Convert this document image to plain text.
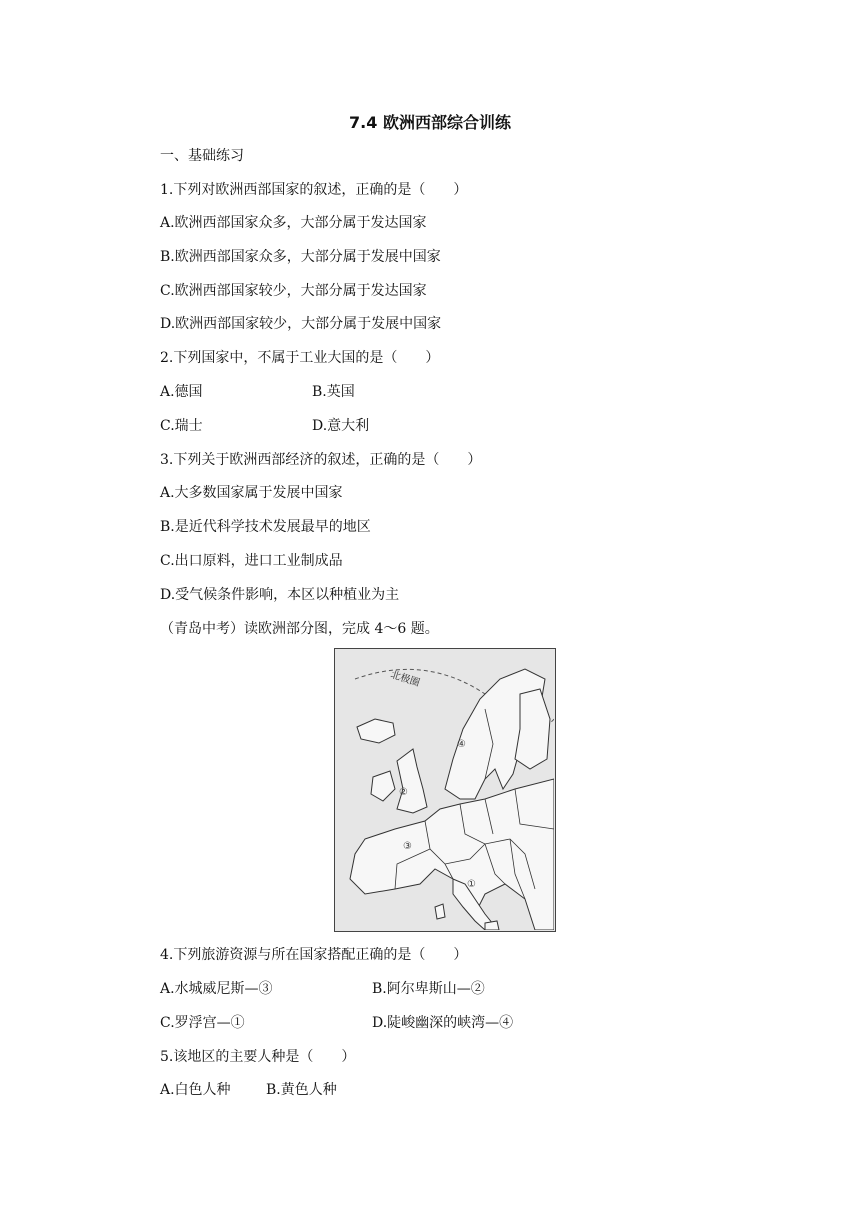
7.4 欧洲西部综合训练
一、基础练习
1.下列对欧洲西部国家的叙述，正确的是（　　）
A.欧洲西部国家众多，大部分属于发达国家
B.欧洲西部国家众多，大部分属于发展中国家
C.欧洲西部国家较少，大部分属于发达国家
D.欧洲西部国家较少，大部分属于发展中国家
2.下列国家中，不属于工业大国的是（　　）
A.德国	B.英国
C.瑞士	D.意大利
3.下列关于欧洲西部经济的叙述，正确的是（　　）
A.大多数国家属于发展中国家
B.是近代科学技术发展最早的地区
C.出口原料，进口工业制成品
D.受气候条件影响，本区以种植业为主
（青岛中考）读欧洲部分图，完成 4～6 题。
北极圈
④
②
③
①
4.下列旅游资源与所在国家搭配正确的是（　　）
A.水城威尼斯—③	B.阿尔卑斯山—②
C.罗浮宫—①	D.陡峻幽深的峡湾—④
5.该地区的主要人种是（　　）
A.白色人种	B.黄色人种
